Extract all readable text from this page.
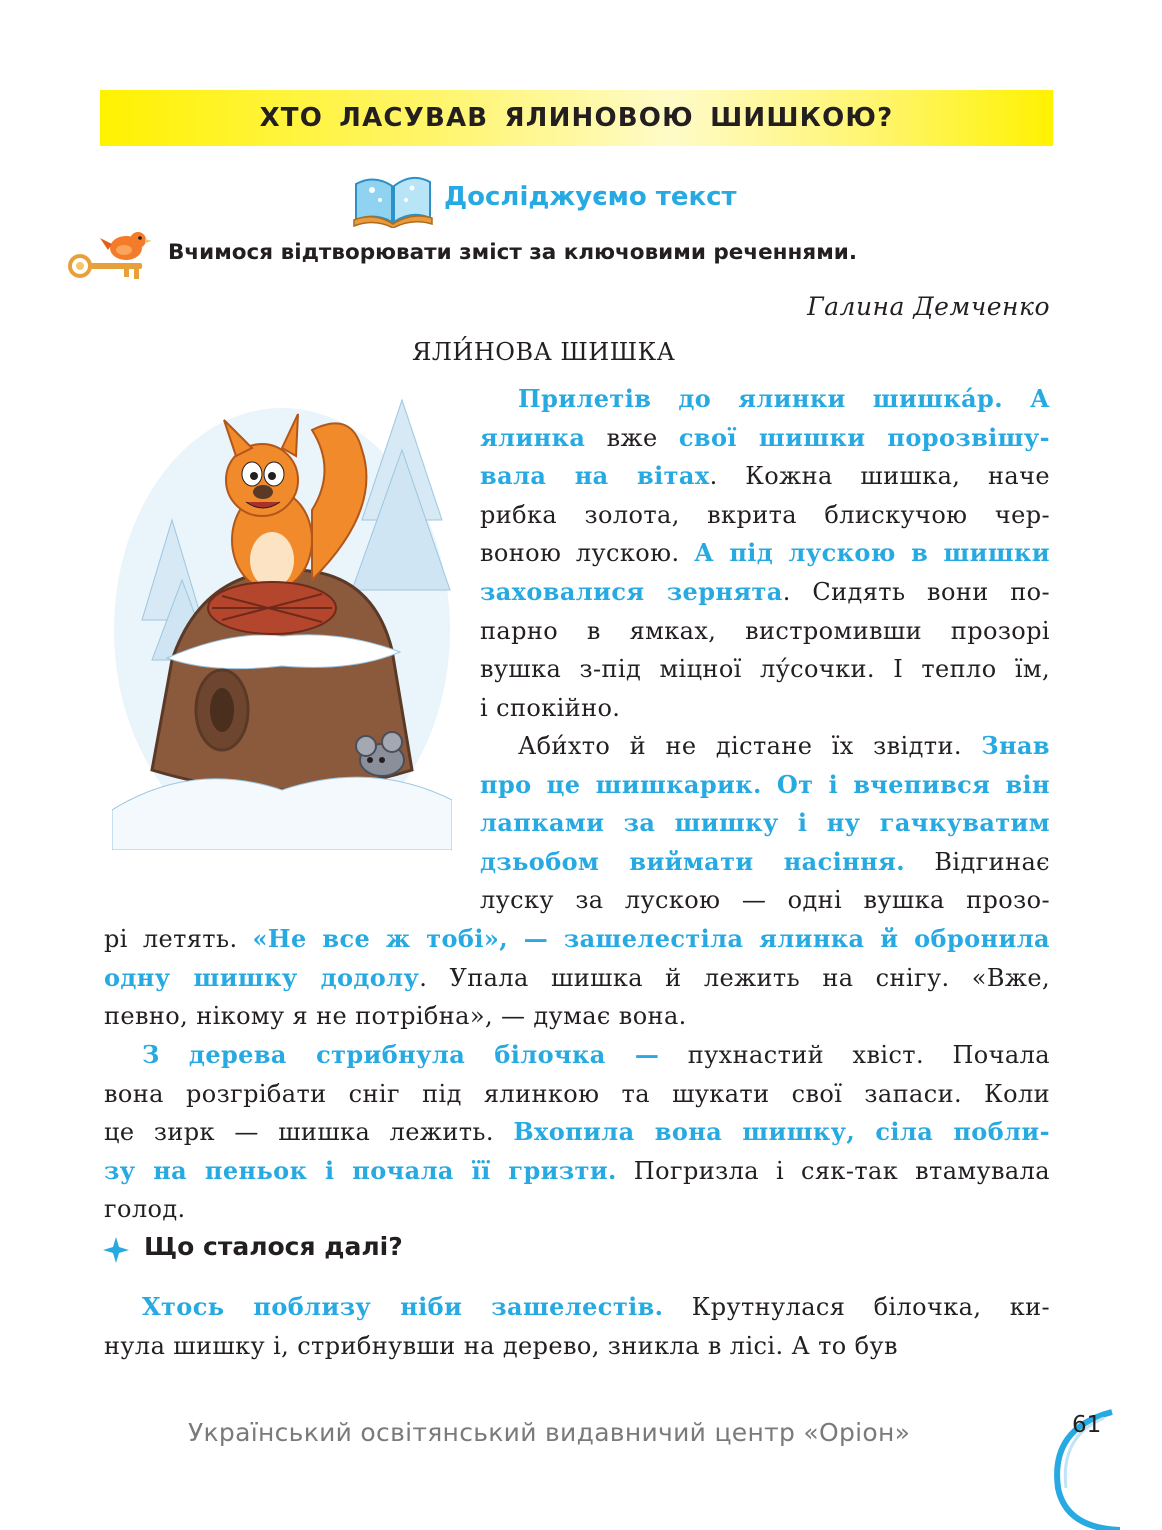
ХТО ЛАСУВАВ ЯЛИНОВОЮ ШИШКОЮ?
Досліджуємо текст
Вчимося відтворювати зміст за ключовими реченнями.
Галина Демченко
ЯЛИ́НОВА ШИШКА
Прилетів до ялинки шишка́р. А
ялинка вже свої шишки порозвішу-
вала на вітах. Кожна шишка, наче
рибка золота, вкрита блискучою чер-
воною лускою. А під лускою в шишки
заховалися зернята. Сидять вони по-
парно в ямках, вистромивши прозорі
вушка з-під міцної лу́сочки. І тепло їм,
і спокійно.
Аби́хто й не дістане їх звідти. Знав
про це шишкарик. От і вчепився він
лапками за шишку і ну гачкуватим
дзьобом виймати насіння. Відгинає
луску за лускою — одні вушка прозо-
рі летять. «Не все ж тобі», — зашелестіла ялинка й обронила
одну шишку додолу. Упала шишка й лежить на снігу. «Вже,
певно, нікому я не потрібна», — думає вона.
З дерева стрибнула білочка — пухнастий хвіст. Почала
вона розгрібати сніг під ялинкою та шукати свої запаси. Коли
це зирк — шишка лежить. Вхопила вона шишку, сіла побли-
зу на пеньок і почала її гризти. Погризла і сяк-так втамувала
голод.
Що сталося далі?
Хтось поблизу ніби зашелестів. Крутнулася білочка, ки-
нула шишку і, стрибнувши на дерево, зникла в лісі. А то був
Український освітянський видавничий центр «Оріон»	61
